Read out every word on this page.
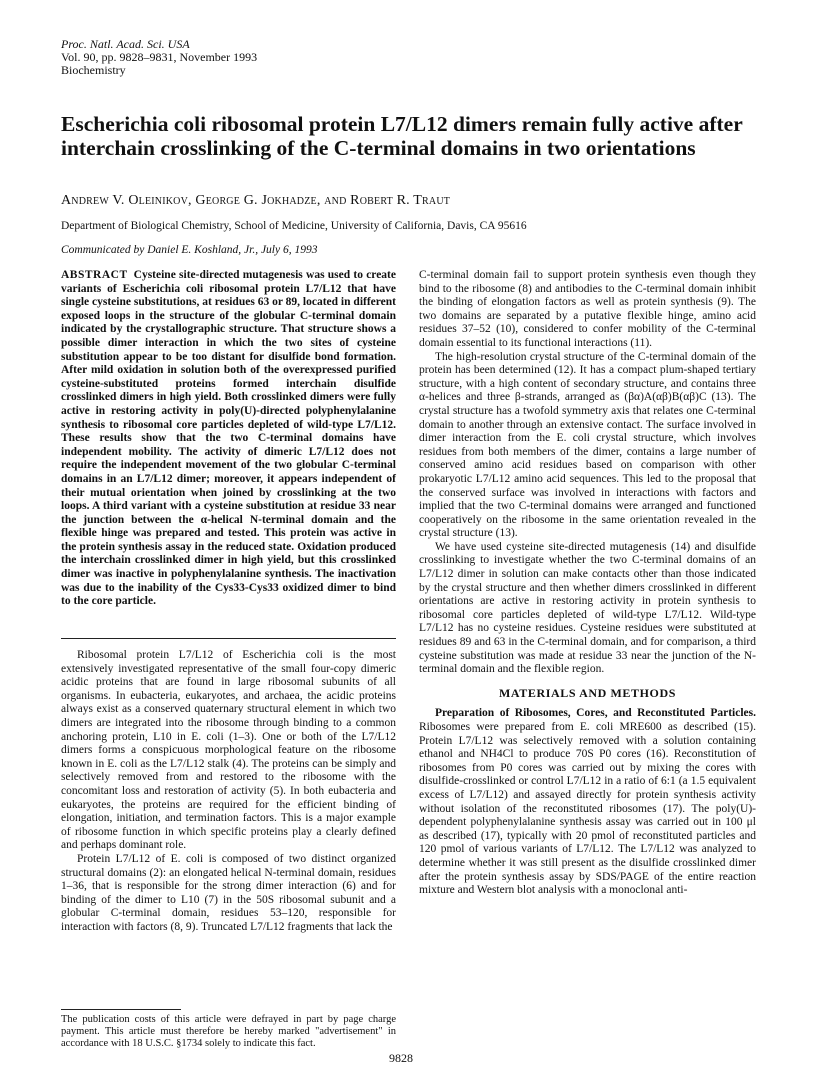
Proc. Natl. Acad. Sci. USA
Vol. 90, pp. 9828–9831, November 1993
Biochemistry
Escherichia coli ribosomal protein L7/L12 dimers remain fully active after interchain crosslinking of the C-terminal domains in two orientations
Andrew V. Oleinikov, George G. Jokhadze, and Robert R. Traut
Department of Biological Chemistry, School of Medicine, University of California, Davis, CA 95616
Communicated by Daniel E. Koshland, Jr., July 6, 1993
ABSTRACT Cysteine site-directed mutagenesis was used to create variants of Escherichia coli ribosomal protein L7/L12 that have single cysteine substitutions, at residues 63 or 89, located in different exposed loops in the structure of the globular C-terminal domain indicated by the crystallographic structure. That structure shows a possible dimer interaction in which the two sites of cysteine substitution appear to be too distant for disulfide bond formation. After mild oxidation in solution both of the overexpressed purified cysteine-substituted proteins formed interchain disulfide crosslinked dimers in high yield. Both crosslinked dimers were fully active in restoring activity in poly(U)-directed polyphenylalanine synthesis to ribosomal core particles depleted of wild-type L7/L12. These results show that the two C-terminal domains have independent mobility. The activity of dimeric L7/L12 does not require the independent movement of the two globular C-terminal domains in an L7/L12 dimer; moreover, it appears independent of their mutual orientation when joined by crosslinking at the two loops. A third variant with a cysteine substitution at residue 33 near the junction between the α-helical N-terminal domain and the flexible hinge was prepared and tested. This protein was active in the protein synthesis assay in the reduced state. Oxidation produced the interchain crosslinked dimer in high yield, but this crosslinked dimer was inactive in polyphenylalanine synthesis. The inactivation was due to the inability of the Cys33-Cys33 oxidized dimer to bind to the core particle.

Ribosomal protein L7/L12 of Escherichia coli is the most extensively investigated representative of the small four-copy dimeric acidic proteins that are found in large ribosomal subunits of all organisms. In eubacteria, eukaryotes, and archaea, the acidic proteins always exist as a conserved quaternary structural element in which two dimers are integrated into the ribosome through binding to a common anchoring protein, L10 in E. coli (1–3). One or both of the L7/L12 dimers forms a conspicuous morphological feature on the ribosome known in E. coli as the L7/L12 stalk (4). The proteins can be simply and selectively removed from and restored to the ribosome with the concomitant loss and restoration of activity (5). In both eubacteria and eukaryotes, the proteins are required for the efficient binding of elongation, initiation, and termination factors. This is a major example of ribosome function in which specific proteins play a clearly defined and perhaps dominant role.

Protein L7/L12 of E. coli is composed of two distinct organized structural domains (2): an elongated helical N-terminal domain, residues 1–36, that is responsible for the strong dimer interaction (6) and for binding of the dimer to L10 (7) in the 50S ribosomal subunit and a globular C-terminal domain, residues 53–120, responsible for interaction with factors (8, 9). Truncated L7/L12 fragments that lack the

The publication costs of this article were defrayed in part by page charge payment. This article must therefore be hereby marked "advertisement" in accordance with 18 U.S.C. §1734 solely to indicate this fact.

C-terminal domain fail to support protein synthesis even though they bind to the ribosome (8) and antibodies to the C-terminal domain inhibit the binding of elongation factors as well as protein synthesis (9). The two domains are separated by a putative flexible hinge, amino acid residues 37–52 (10), considered to confer mobility of the C-terminal domain essential to its functional interactions (11).

The high-resolution crystal structure of the C-terminal domain of the protein has been determined (12). It has a compact plum-shaped tertiary structure, with a high content of secondary structure, and contains three α-helices and three β-strands, arranged as (βα)A(αβ)B(αβ)C (13). The crystal structure has a twofold symmetry axis that relates one C-terminal domain to another through an extensive contact. The surface involved in dimer interaction from the E. coli crystal structure, which involves residues from both members of the dimer, contains a large number of conserved amino acid residues based on comparison with other prokaryotic L7/L12 amino acid sequences. This led to the proposal that the conserved surface was involved in interactions with factors and implied that the two C-terminal domains were arranged and functioned cooperatively on the ribosome in the same orientation revealed in the crystal structure (13).

We have used cysteine site-directed mutagenesis (14) and disulfide crosslinking to investigate whether the two C-terminal domains of an L7/L12 dimer in solution can make contacts other than those indicated by the crystal structure and then whether dimers crosslinked in different orientations are active in restoring activity in protein synthesis to ribosomal core particles depleted of wild-type L7/L12. Wild-type L7/L12 has no cysteine residues. Cysteine residues were substituted at residues 89 and 63 in the C-terminal domain, and for comparison, a third cysteine substitution was made at residue 33 near the junction of the N-terminal domain and the flexible region.

MATERIALS AND METHODS

Preparation of Ribosomes, Cores, and Reconstituted Particles. Ribosomes were prepared from E. coli MRE600 as described (15). Protein L7/L12 was selectively removed with a solution containing ethanol and NH4Cl to produce 70S P0 cores (16). Reconstitution of ribosomes from P0 cores was carried out by mixing the cores with disulfide-crosslinked or control L7/L12 in a ratio of 6:1 (a 1.5 equivalent excess of L7/L12) and assayed directly for protein synthesis activity without isolation of the reconstituted ribosomes (17). The poly(U)-dependent polyphenylalanine synthesis assay was carried out in 100 μl as described (17), typically with 20 pmol of reconstituted particles and 120 pmol of various variants of L7/L12. The L7/L12 was analyzed to determine whether it was still present as the disulfide crosslinked dimer after the protein synthesis assay by SDS/PAGE of the entire reaction mixture and Western blot analysis with a monoclonal anti-

9828
